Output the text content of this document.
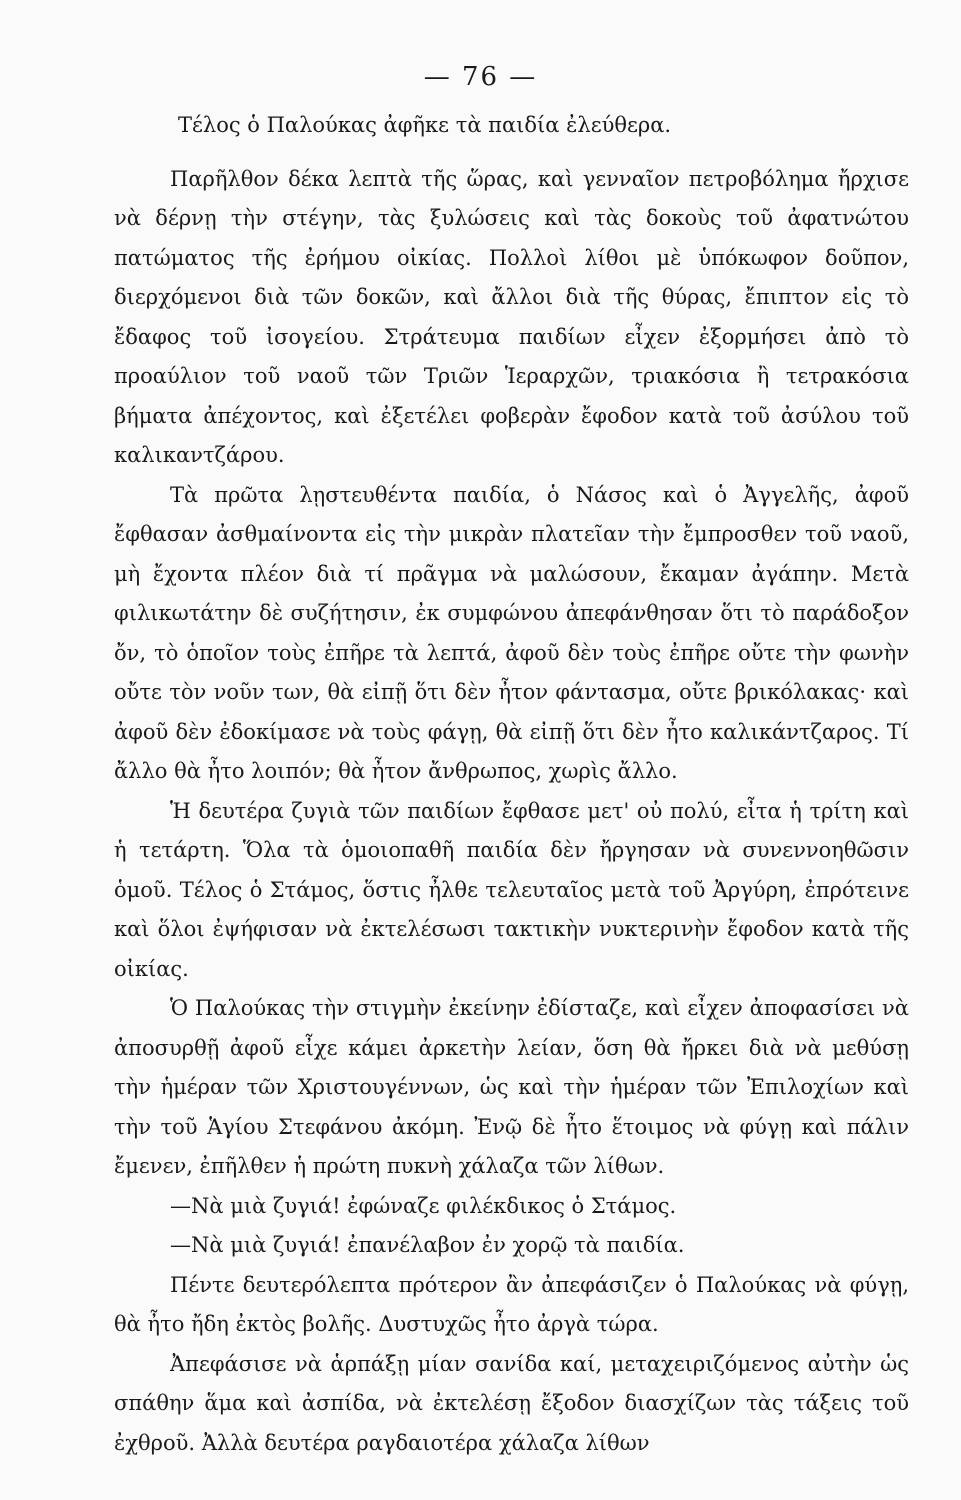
— 76 —

Τέλος ὁ Παλούκας ἀφῆκε τὰ παιδία ἐλεύθερα.

Παρῆλθον δέκα λεπτὰ τῆς ὥρας, καὶ γενναῖον πετροβόλημα ἤρχισε νὰ δέρνῃ τὴν στέγην, τὰς ξυλώσεις καὶ τὰς δοκοὺς τοῦ ἀφατνώτου πατώματος τῆς ἐρήμου οἰκίας. Πολλοὶ λίθοι μὲ ὑπόκωφον δοῦπον, διερχόμενοι διὰ τῶν δοκῶν, καὶ ἄλλοι διὰ τῆς θύρας, ἔπιπτον εἰς τὸ ἔδαφος τοῦ ἰσογείου. Στράτευμα παιδίων εἶχεν ἐξορμήσει ἀπὸ τὸ προαύλιον τοῦ ναοῦ τῶν Τριῶν Ἱεραρχῶν, τριακόσια ἢ τετρακόσια βήματα ἀπέχοντος, καὶ ἐξετέλει φοβερὰν ἔφοδον κατὰ τοῦ ἀσύλου τοῦ καλικαντζάρου.

Τὰ πρῶτα λῃστευθέντα παιδία, ὁ Νάσος καὶ ὁ Ἀγγελῆς, ἀφοῦ ἔφθασαν ἀσθμαίνοντα εἰς τὴν μικρὰν πλατεῖαν τὴν ἔμπροσθεν τοῦ ναοῦ, μὴ ἔχοντα πλέον διὰ τί πρᾶγμα νὰ μαλώσουν, ἔκαμαν ἀγάπην. Μετὰ φιλικωτάτην δὲ συζήτησιν, ἐκ συμφώνου ἀπεφάνθησαν ὅτι τὸ παράδοξον ὄν, τὸ ὁποῖον τοὺς ἐπῆρε τὰ λεπτά, ἀφοῦ δὲν τοὺς ἐπῆρε οὔτε τὴν φωνὴν οὔτε τὸν νοῦν των, θὰ εἰπῇ ὅτι δὲν ἦτον φάντασμα, οὔτε βρικόλακας· καὶ ἀφοῦ δὲν ἐδοκίμασε νὰ τοὺς φάγῃ, θὰ εἰπῇ ὅτι δὲν ἦτο καλικάντζαρος. Τί ἄλλο θὰ ἦτο λοιπόν; θὰ ἦτον ἄνθρωπος, χωρὶς ἄλλο.

Ἡ δευτέρα ζυγιὰ τῶν παιδίων ἔφθασε μετ' οὐ πολύ, εἶτα ἡ τρίτη καὶ ἡ τετάρτη. Ὅλα τὰ ὁμοιοπαθῆ παιδία δὲν ἤργησαν νὰ συνεννοηθῶσιν ὁμοῦ. Τέλος ὁ Στάμος, ὅστις ἦλθε τελευταῖος μετὰ τοῦ Ἀργύρη, ἐπρότεινε καὶ ὅλοι ἐψήφισαν νὰ ἐκτελέσωσι τακτικὴν νυκτερινὴν ἔφοδον κατὰ τῆς οἰκίας.

Ὁ Παλούκας τὴν στιγμὴν ἐκείνην ἐδίσταζε, καὶ εἶχεν ἀποφασίσει νὰ ἀποσυρθῇ ἀφοῦ εἶχε κάμει ἀρκετὴν λείαν, ὅση θὰ ἤρκει διὰ νὰ μεθύσῃ τὴν ἡμέραν τῶν Χριστουγέννων, ὡς καὶ τὴν ἡμέραν τῶν Ἐπιλοχίων καὶ τὴν τοῦ Ἁγίου Στεφάνου ἀκόμη. Ἐνῷ δὲ ἦτο ἕτοιμος νὰ φύγῃ καὶ πάλιν ἔμενεν, ἐπῆλθεν ἡ πρώτη πυκνὴ χάλαζα τῶν λίθων.

—Νὰ μιὰ ζυγιά! ἐφώναζε φιλέκδικος ὁ Στάμος.

—Νὰ μιὰ ζυγιά! ἐπανέλαβον ἐν χορῷ τὰ παιδία.

Πέντε δευτερόλεπτα πρότερον ἂν ἀπεφάσιζεν ὁ Παλούκας νὰ φύγῃ, θὰ ἦτο ἤδη ἐκτὸς βολῆς. Δυστυχῶς ἦτο ἀργὰ τώρα.

Ἀπεφάσισε νὰ ἁρπάξῃ μίαν σανίδα καί, μεταχειριζόμενος αὐτὴν ὡς σπάθην ἅμα καὶ ἀσπίδα, νὰ ἐκτελέσῃ ἔξοδον διασχίζων τὰς τάξεις τοῦ ἐχθροῦ. Ἀλλὰ δευτέρα ραγδαιοτέρα χάλαζα λίθων
